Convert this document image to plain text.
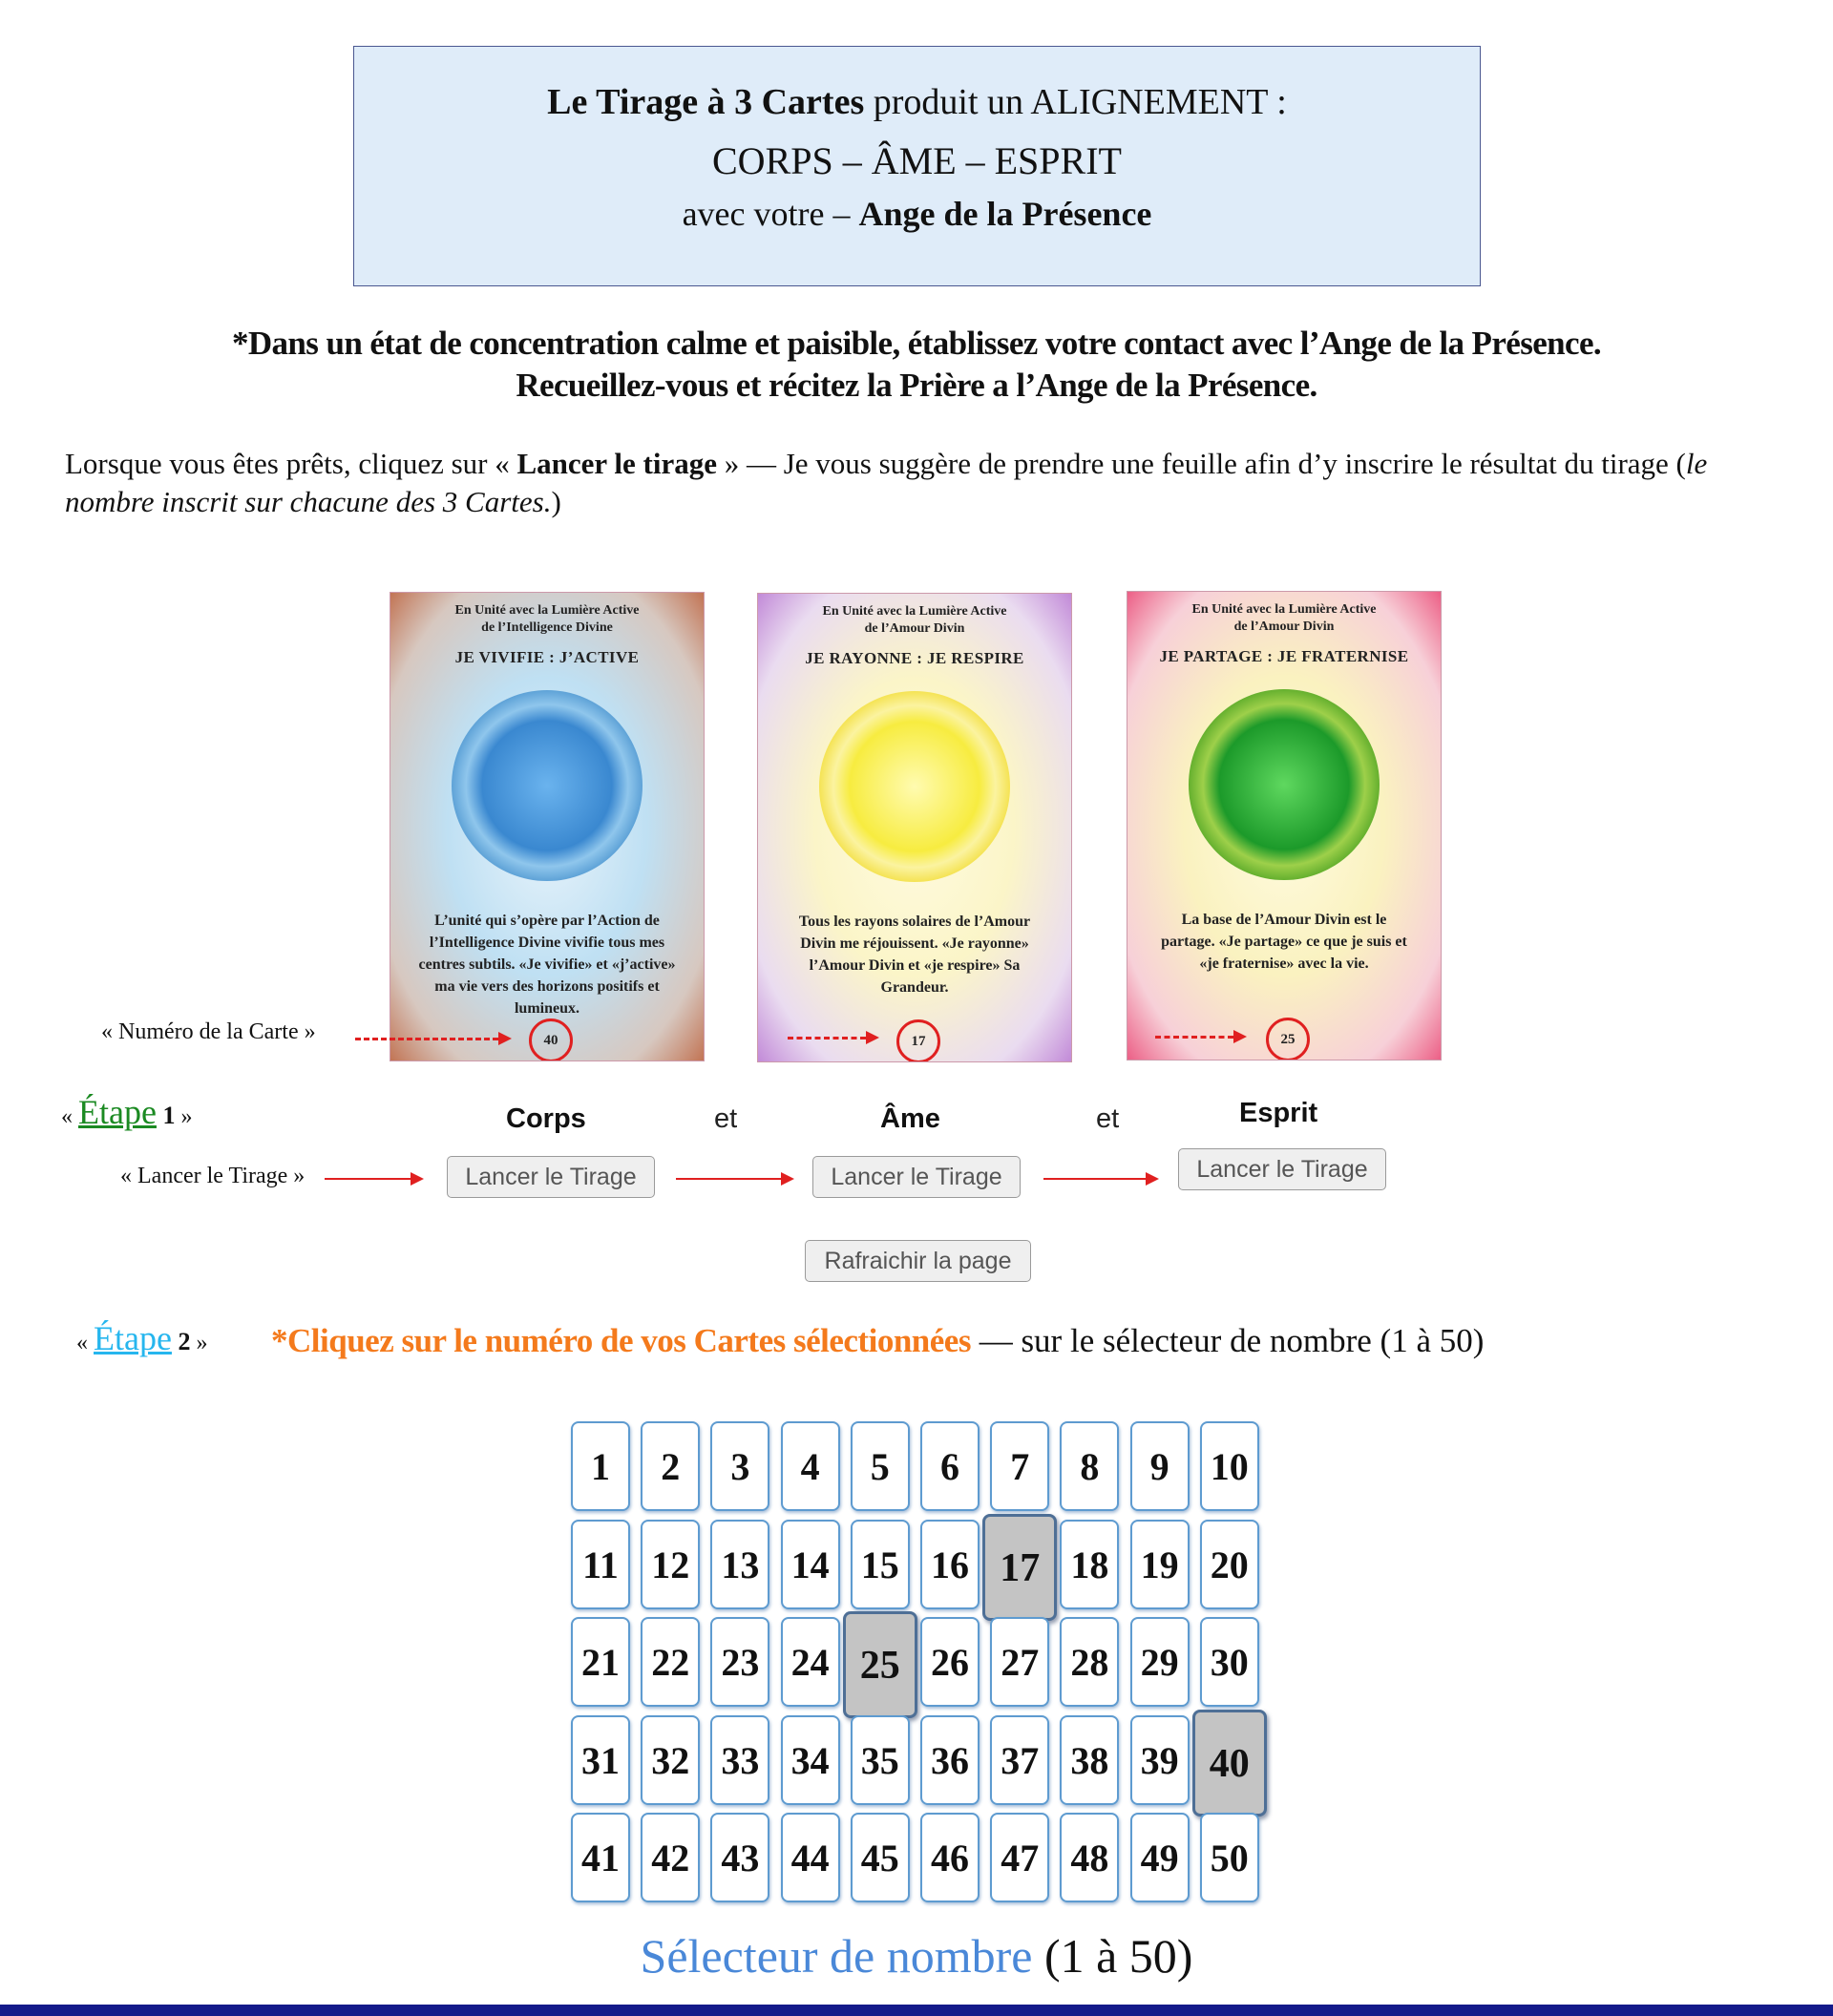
Le Tirage à 3 Cartes produit un ALIGNEMENT :
CORPS – ÂME – ESPRIT
avec votre – Ange de la Présence
*Dans un état de concentration calme et paisible, établissez votre contact avec l’Ange de la Présence.
Recueillez-vous et récitez la Prière a l’Ange de la Présence.
Lorsque vous êtes prêts, cliquez sur « Lancer le tirage » — Je vous suggère de prendre une feuille afin d’y inscrire le résultat du tirage (le nombre inscrit sur chacune des 3 Cartes.)
En Unité avec la Lumière Active
de l’Intelligence Divine
JE VIVIFIE : J’ACTIVE
L’unité qui s’opère par l’Action de l’Intelligence Divine vivifie tous mes centres subtils. «Je vivifie» et «j’active» ma vie vers des horizons positifs et lumineux.
40
En Unité avec la Lumière Active
de l’Amour Divin
JE RAYONNE : JE RESPIRE
Tous les rayons solaires de l’Amour Divin me réjouissent. «Je rayonne» l’Amour Divin et «je respire» Sa Grandeur.
17
En Unité avec la Lumière Active
de l’Amour Divin
JE PARTAGE : JE FRATERNISE
La base de l’Amour Divin est le partage. «Je partage» ce que je suis et «je fraternise» avec la vie.
25
« Numéro de la Carte »
« Étape 1 »	Corps	et	Âme	et	Esprit
« Lancer le Tirage »	Lancer le Tirage	Lancer le Tirage	Lancer le Tirage
Rafraichir la page
« Étape 2 » *Cliquez sur le numéro de vos Cartes sélectionnées — sur le sélecteur de nombre (1 à 50)
1	2	3	4	5	6	7	8	9	10
11 12 13 14 15 16 17 18 19 20
21 22 23 24 25 26 27 28 29 30
31 32 33 34 35 36 37 38 39 40
41 42 43 44 45 46 47 48 49 50
Sélecteur de nombre (1 à 50)
